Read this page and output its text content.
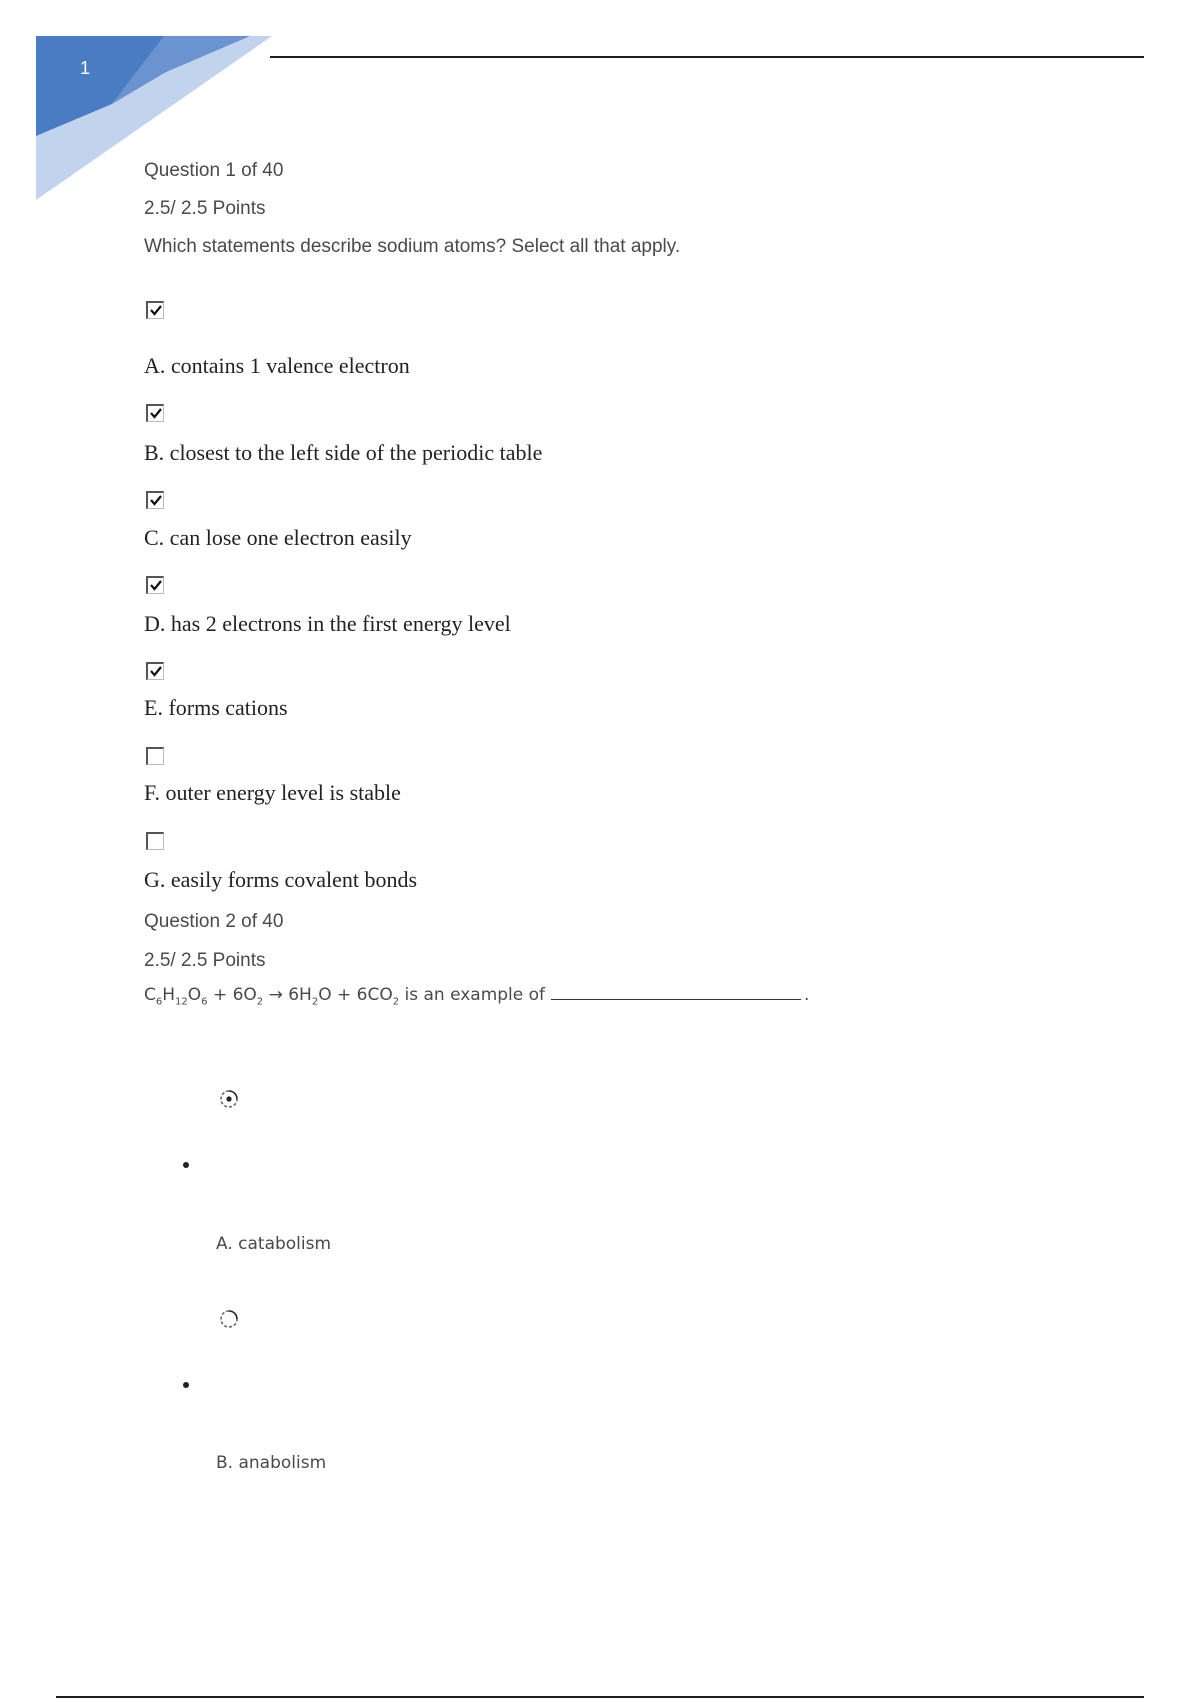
1
Question 1 of 40
2.5/ 2.5 Points
Which statements describe sodium atoms? Select all that apply.
A. contains 1 valence electron
B. closest to the left side of the periodic table
C. can lose one electron easily
D. has 2 electrons in the first energy level
E. forms cations
F. outer energy level is stable
G. easily forms covalent bonds
Question 2 of 40
2.5/ 2.5 Points
$C_6H_{12}O_6 + 6O_2 \to 6H_2O + 6CO_2$ is an example of	.
A. catabolism
B. anabolism
